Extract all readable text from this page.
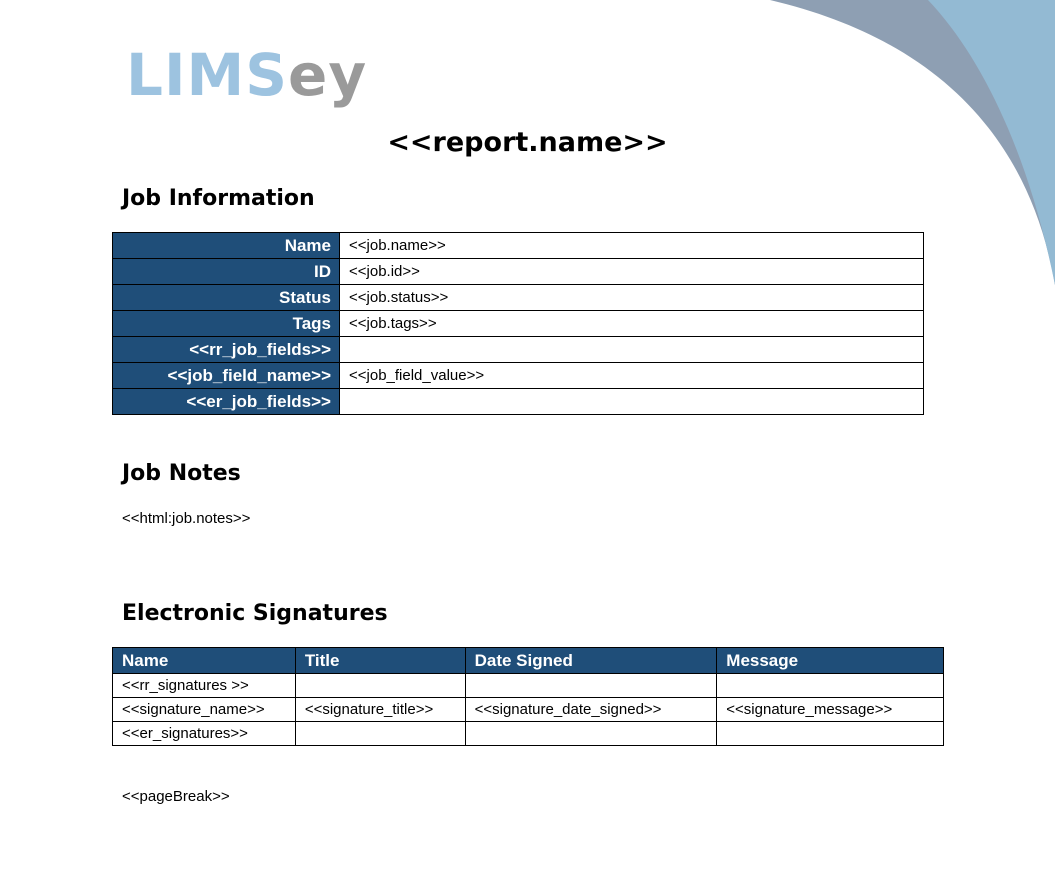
LIMSey
<<report.name>>
Job Information
Name	<<job.name>>
ID	<<job.id>>
Status	<<job.status>>
Tags	<<job.tags>>
<<rr_job_fields>>	
<<job_field_name>>	<<job_field_value>>
<<er_job_fields>>	
Job Notes
<<html:job.notes>>
Electronic Signatures
Name	Title	Date Signed	Message
<<rr_signatures >>			
<<signature_name>>	<<signature_title>>	<<signature_date_signed>>	<<signature_message>>
<<er_signatures>>			
<<pageBreak>>
